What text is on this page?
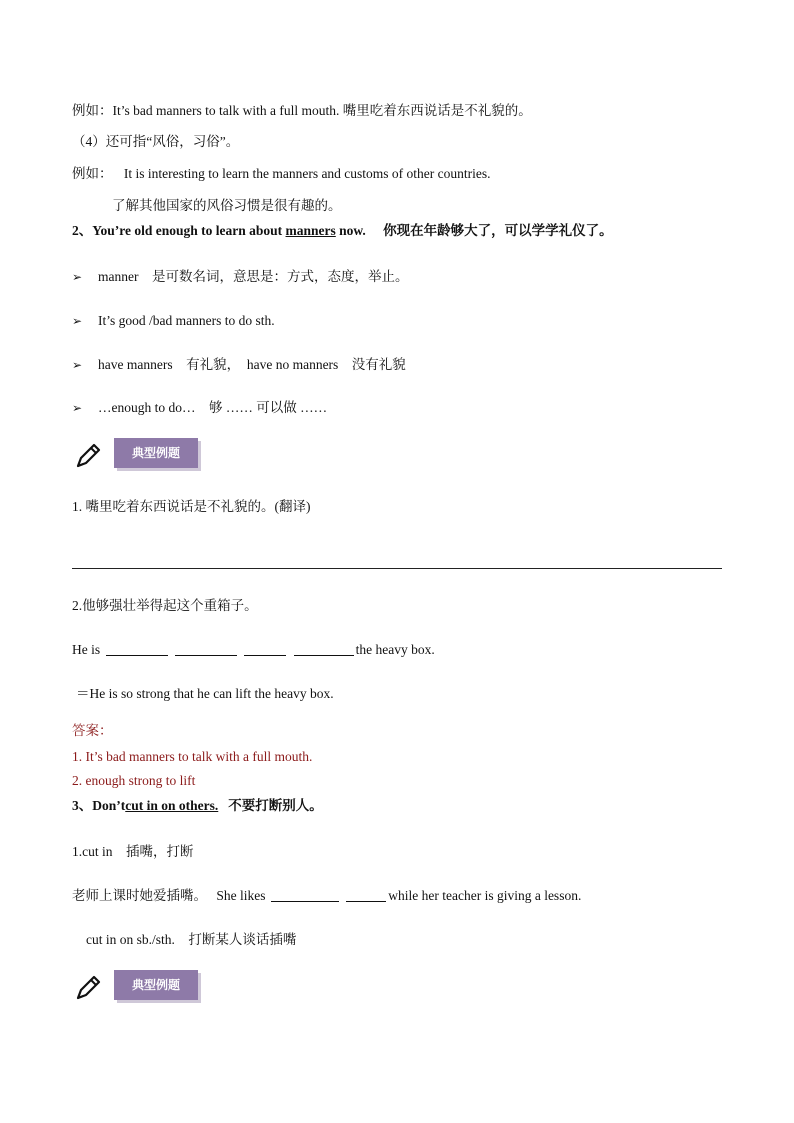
例如：It’s bad manners to talk with a full mouth. 嘴里吃着东西说话是不礼貌的。
（4）还可指“风俗，习俗”。
例如： It is interesting to learn the manners and customs of other countries.
了解其他国家的风俗习惯是很有趣的。
2、You’re old enough to learn about manners now. 你现在年龄够大了，可以学学礼仪了。
➢ manner　是可数名词，意思是：方式，态度，举止。
➢ It’s good /bad manners to do sth.
➢ have manners　有礼貌，　have no manners　没有礼貌
➢ …enough to do…　够 …… 可以做 ……
典型例题
1. 嘴里吃着东西说话是不礼貌的。(翻译)
2.他够强壮举得起这个重箱子。
He is	the heavy box.
＝He is so strong that he can lift the heavy box.
答案：
1. It’s bad manners to talk with a full mouth.
2. enough strong to lift
3、Don’tcut in on others. 不要打断别人。
1.cut in　插嘴，打断
老师上课时她爱插嘴。 She likes	while her teacher is giving a lesson.
cut in on sb./sth.　打断某人谈话插嘴
典型例题
